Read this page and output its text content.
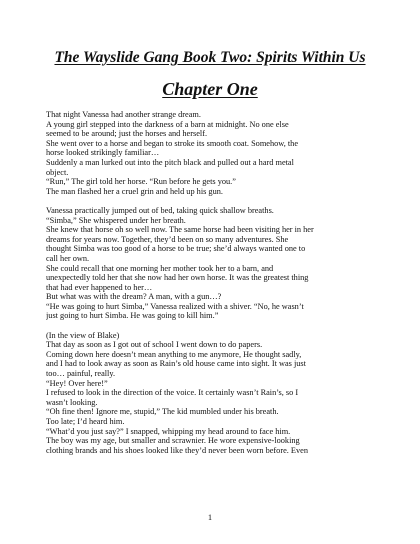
The Wayslide Gang Book Two: Spirits Within Us
Chapter One
That night Vanessa had another strange dream.
A young girl stepped into the darkness of a barn at midnight. No one else
seemed to be around; just the horses and herself.
She went over to a horse and began to stroke its smooth coat. Somehow, the
horse looked strikingly familiar…
Suddenly a man lurked out into the pitch black and pulled out a hard metal
object.
“Run,” The girl told her horse. “Run before he gets you.”
The man flashed her a cruel grin and held up his gun.
Vanessa practically jumped out of bed, taking quick shallow breaths.
“Simba,” She whispered under her breath.
She knew that horse oh so well now. The same horse had been visiting her in her
dreams for years now. Together, they’d been on so many adventures. She
thought Simba was too good of a horse to be true; she’d always wanted one to
call her own.
She could recall that one morning her mother took her to a barn, and
unexpectedly told her that she now had her own horse. It was the greatest thing
that had ever happened to her…
But what was with the dream? A man, with a gun…?
“He was going to hurt Simba,” Vanessa realized with a shiver. “No, he wasn’t
just going to hurt Simba. He was going to kill him.”
(In the view of Blake)
That day as soon as I got out of school I went down to do papers.
Coming down here doesn’t mean anything to me anymore, He thought sadly,
and I had to look away as soon as Rain’s old house came into sight. It was just
too… painful, really.
“Hey! Over here!”
I refused to look in the direction of the voice. It certainly wasn’t Rain’s, so I
wasn’t looking.
“Oh fine then! Ignore me, stupid,” The kid mumbled under his breath.
Too late; I’d heard him.
“What’d you just say?” I snapped, whipping my head around to face him.
The boy was my age, but smaller and scrawnier. He wore expensive-looking
clothing brands and his shoes looked like they’d never been worn before. Even
1
